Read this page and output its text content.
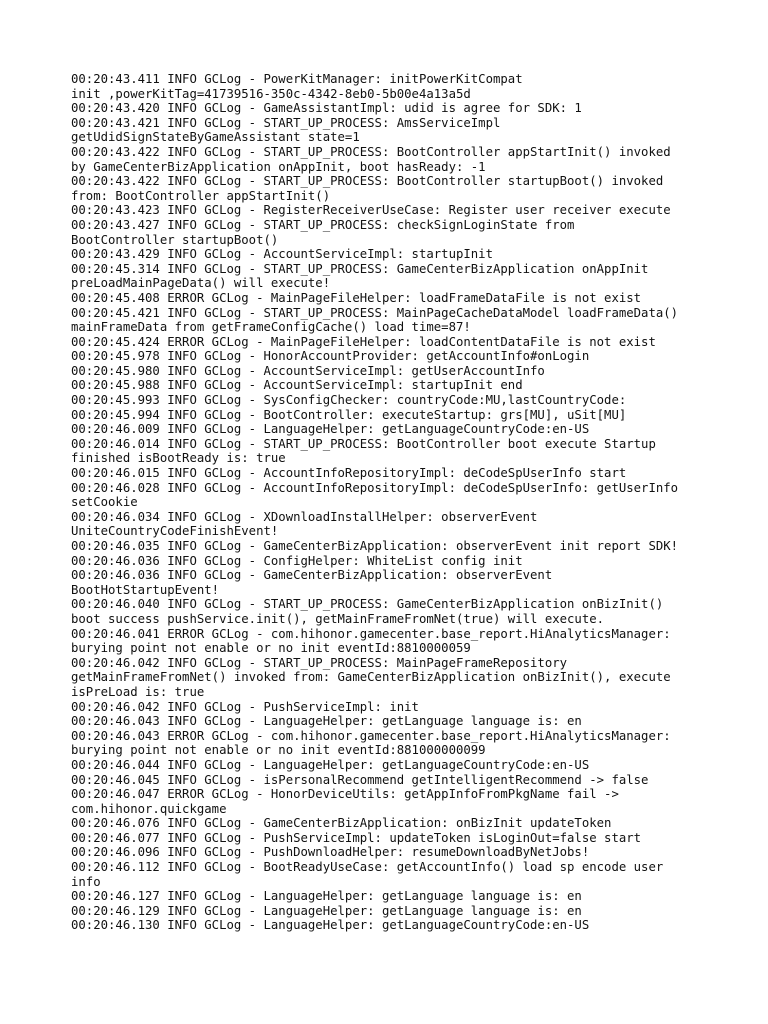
00:20:43.411 INFO GCLog - PowerKitManager: initPowerKitCompat
init ,powerKitTag=41739516-350c-4342-8eb0-5b00e4a13a5d
00:20:43.420 INFO GCLog - GameAssistantImpl: udid is agree for SDK: 1
00:20:43.421 INFO GCLog - START_UP_PROCESS: AmsServiceImpl
getUdidSignStateByGameAssistant state=1
00:20:43.422 INFO GCLog - START_UP_PROCESS: BootController appStartInit() invoked
by GameCenterBizApplication onAppInit, boot hasReady: -1
00:20:43.422 INFO GCLog - START_UP_PROCESS: BootController startupBoot() invoked
from: BootController appStartInit()
00:20:43.423 INFO GCLog - RegisterReceiverUseCase: Register user receiver execute
00:20:43.427 INFO GCLog - START_UP_PROCESS: checkSignLoginState from
BootController startupBoot()
00:20:43.429 INFO GCLog - AccountServiceImpl: startupInit
00:20:45.314 INFO GCLog - START_UP_PROCESS: GameCenterBizApplication onAppInit
preLoadMainPageData() will execute!
00:20:45.408 ERROR GCLog - MainPageFileHelper: loadFrameDataFile is not exist
00:20:45.421 INFO GCLog - START_UP_PROCESS: MainPageCacheDataModel loadFrameData()
mainFrameData from getFrameConfigCache() load time=87!
00:20:45.424 ERROR GCLog - MainPageFileHelper: loadContentDataFile is not exist
00:20:45.978 INFO GCLog - HonorAccountProvider: getAccountInfo#onLogin
00:20:45.980 INFO GCLog - AccountServiceImpl: getUserAccountInfo
00:20:45.988 INFO GCLog - AccountServiceImpl: startupInit end
00:20:45.993 INFO GCLog - SysConfigChecker: countryCode:MU,lastCountryCode:
00:20:45.994 INFO GCLog - BootController: executeStartup: grs[MU], uSit[MU]
00:20:46.009 INFO GCLog - LanguageHelper: getLanguageCountryCode:en-US
00:20:46.014 INFO GCLog - START_UP_PROCESS: BootController boot execute Startup
finished isBootReady is: true
00:20:46.015 INFO GCLog - AccountInfoRepositoryImpl: deCodeSpUserInfo start
00:20:46.028 INFO GCLog - AccountInfoRepositoryImpl: deCodeSpUserInfo: getUserInfo
setCookie
00:20:46.034 INFO GCLog - XDownloadInstallHelper: observerEvent
UniteCountryCodeFinishEvent!
00:20:46.035 INFO GCLog - GameCenterBizApplication: observerEvent init report SDK!
00:20:46.036 INFO GCLog - ConfigHelper: WhiteList config init
00:20:46.036 INFO GCLog - GameCenterBizApplication: observerEvent
BootHotStartupEvent!
00:20:46.040 INFO GCLog - START_UP_PROCESS: GameCenterBizApplication onBizInit()
boot success pushService.init(), getMainFrameFromNet(true) will execute.
00:20:46.041 ERROR GCLog - com.hihonor.gamecenter.base_report.HiAnalyticsManager:
burying point not enable or no init eventId:8810000059
00:20:46.042 INFO GCLog - START_UP_PROCESS: MainPageFrameRepository
getMainFrameFromNet() invoked from: GameCenterBizApplication onBizInit(), execute
isPreLoad is: true
00:20:46.042 INFO GCLog - PushServiceImpl: init
00:20:46.043 INFO GCLog - LanguageHelper: getLanguage language is: en
00:20:46.043 ERROR GCLog - com.hihonor.gamecenter.base_report.HiAnalyticsManager:
burying point not enable or no init eventId:881000000099
00:20:46.044 INFO GCLog - LanguageHelper: getLanguageCountryCode:en-US
00:20:46.045 INFO GCLog - isPersonalRecommend getIntelligentRecommend -> false
00:20:46.047 ERROR GCLog - HonorDeviceUtils: getAppInfoFromPkgName fail ->
com.hihonor.quickgame
00:20:46.076 INFO GCLog - GameCenterBizApplication: onBizInit updateToken
00:20:46.077 INFO GCLog - PushServiceImpl: updateToken isLoginOut=false start
00:20:46.096 INFO GCLog - PushDownloadHelper: resumeDownloadByNetJobs!
00:20:46.112 INFO GCLog - BootReadyUseCase: getAccountInfo() load sp encode user
info
00:20:46.127 INFO GCLog - LanguageHelper: getLanguage language is: en
00:20:46.129 INFO GCLog - LanguageHelper: getLanguage language is: en
00:20:46.130 INFO GCLog - LanguageHelper: getLanguageCountryCode:en-US
